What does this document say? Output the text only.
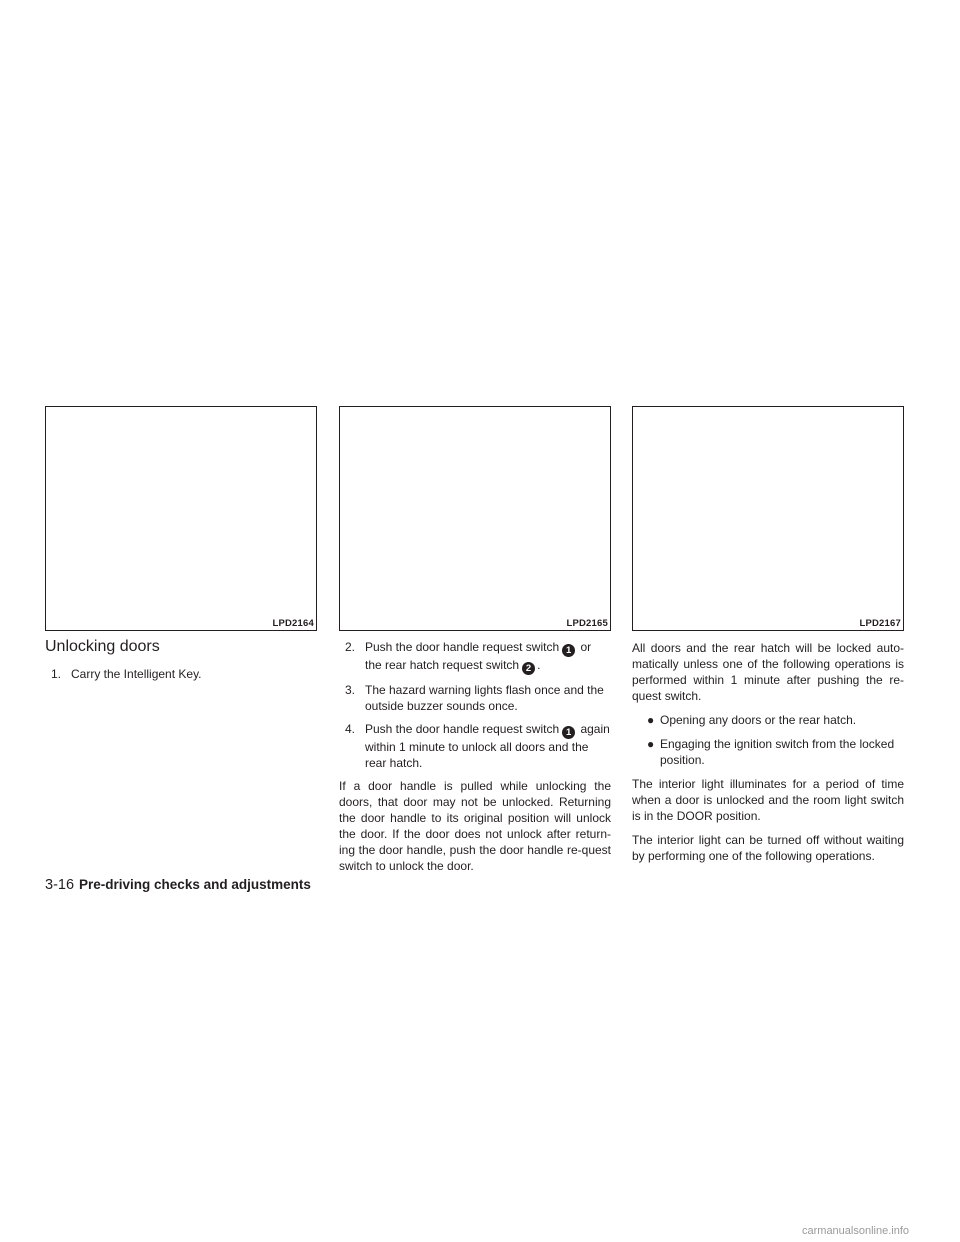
LPD2164
Unlocking doors
1. Carry the Intelligent Key.
LPD2165
2. Push the door handle request switch 1 or the rear hatch request switch 2 .
3. The hazard warning lights flash once and the outside buzzer sounds once.
4. Push the door handle request switch 1 again within 1 minute to unlock all doors and the rear hatch.

If a door handle is pulled while unlocking the doors, that door may not be unlocked. Returning the door handle to its original position will unlock the door. If the door does not unlock after return-ing the door handle, push the door handle re-quest switch to unlock the door.

LPD2167

All doors and the rear hatch will be locked auto-matically unless one of the following operations is performed within 1 minute after pushing the re-quest switch.

● Opening any doors or the rear hatch.
● Engaging the ignition switch from the locked position.

The interior light illuminates for a period of time when a door is unlocked and the room light switch is in the DOOR position.

The interior light can be turned off without waiting by performing one of the following operations.

3-16 Pre-driving checks and adjustments
carmanualsonline.info
